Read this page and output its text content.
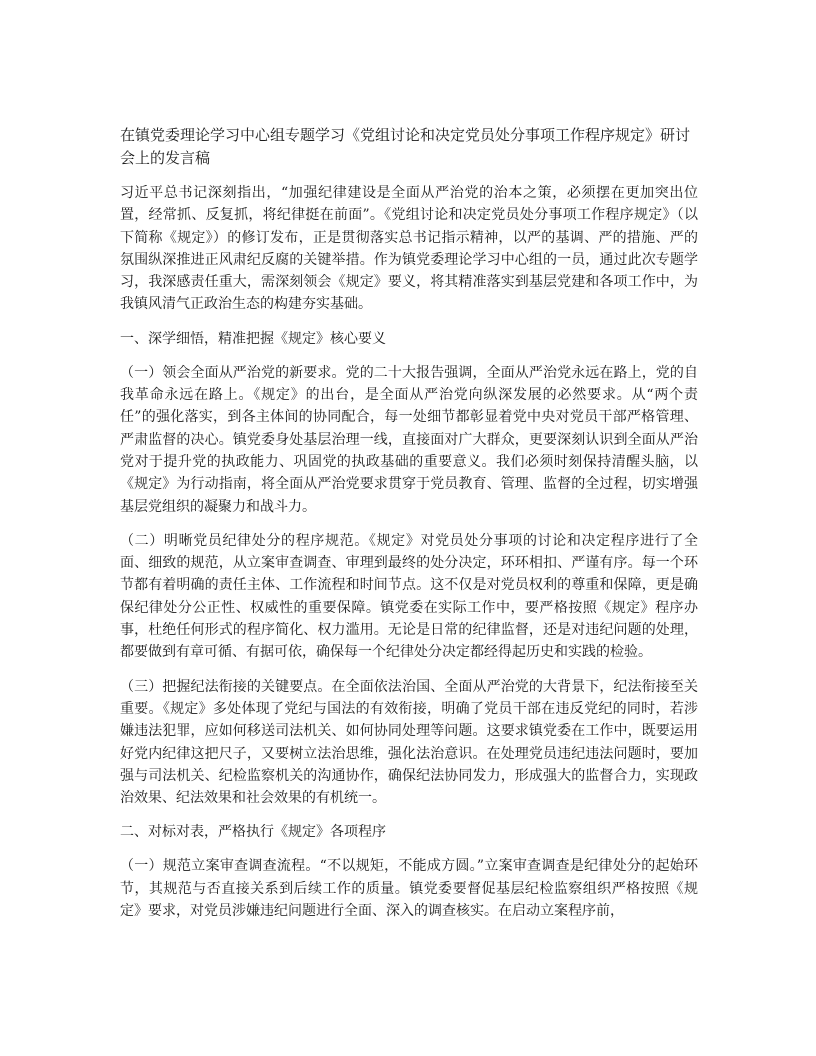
在镇党委理论学习中心组专题学习《党组讨论和决定党员处分事项工作程序规定》研讨会上的发言稿

习近平总书记深刻指出，“加强纪律建设是全面从严治党的治本之策，必须摆在更加突出位置，经常抓、反复抓，将纪律挺在前面”。《党组讨论和决定党员处分事项工作程序规定》（以下简称《规定》）的修订发布，正是贯彻落实总书记指示精神，以严的基调、严的措施、严的氛围纵深推进正风肃纪反腐的关键举措。作为镇党委理论学习中心组的一员，通过此次专题学习，我深感责任重大，需深刻领会《规定》要义，将其精准落实到基层党建和各项工作中，为我镇风清气正政治生态的构建夯实基础。

一、深学细悟，精准把握《规定》核心要义

（一）领会全面从严治党的新要求。党的二十大报告强调，全面从严治党永远在路上，党的自我革命永远在路上。《规定》的出台，是全面从严治党向纵深发展的必然要求。从“两个责任”的强化落实，到各主体间的协同配合，每一处细节都彰显着党中央对党员干部严格管理、严肃监督的决心。镇党委身处基层治理一线，直接面对广大群众，更要深刻认识到全面从严治党对于提升党的执政能力、巩固党的执政基础的重要意义。我们必须时刻保持清醒头脑，以《规定》为行动指南，将全面从严治党要求贯穿于党员教育、管理、监督的全过程，切实增强基层党组织的凝聚力和战斗力。

（二）明晰党员纪律处分的程序规范。《规定》对党员处分事项的讨论和决定程序进行了全面、细致的规范，从立案审查调查、审理到最终的处分决定，环环相扣、严谨有序。每一个环节都有着明确的责任主体、工作流程和时间节点。这不仅是对党员权利的尊重和保障，更是确保纪律处分公正性、权威性的重要保障。镇党委在实际工作中，要严格按照《规定》程序办事，杜绝任何形式的程序简化、权力滥用。无论是日常的纪律监督，还是对违纪问题的处理，都要做到有章可循、有据可依，确保每一个纪律处分决定都经得起历史和实践的检验。

（三）把握纪法衔接的关键要点。在全面依法治国、全面从严治党的大背景下，纪法衔接至关重要。《规定》多处体现了党纪与国法的有效衔接，明确了党员干部在违反党纪的同时，若涉嫌违法犯罪，应如何移送司法机关、如何协同处理等问题。这要求镇党委在工作中，既要运用好党内纪律这把尺子，又要树立法治思维，强化法治意识。在处理党员违纪违法问题时，要加强与司法机关、纪检监察机关的沟通协作，确保纪法协同发力，形成强大的监督合力，实现政治效果、纪法效果和社会效果的有机统一。

二、对标对表，严格执行《规定》各项程序

（一）规范立案审查调查流程。“不以规矩，不能成方圆。”立案审查调查是纪律处分的起始环节，其规范与否直接关系到后续工作的质量。镇党委要督促基层纪检监察组织严格按照《规定》要求，对党员涉嫌违纪问题进行全面、深入的调查核实。在启动立案程序前，
